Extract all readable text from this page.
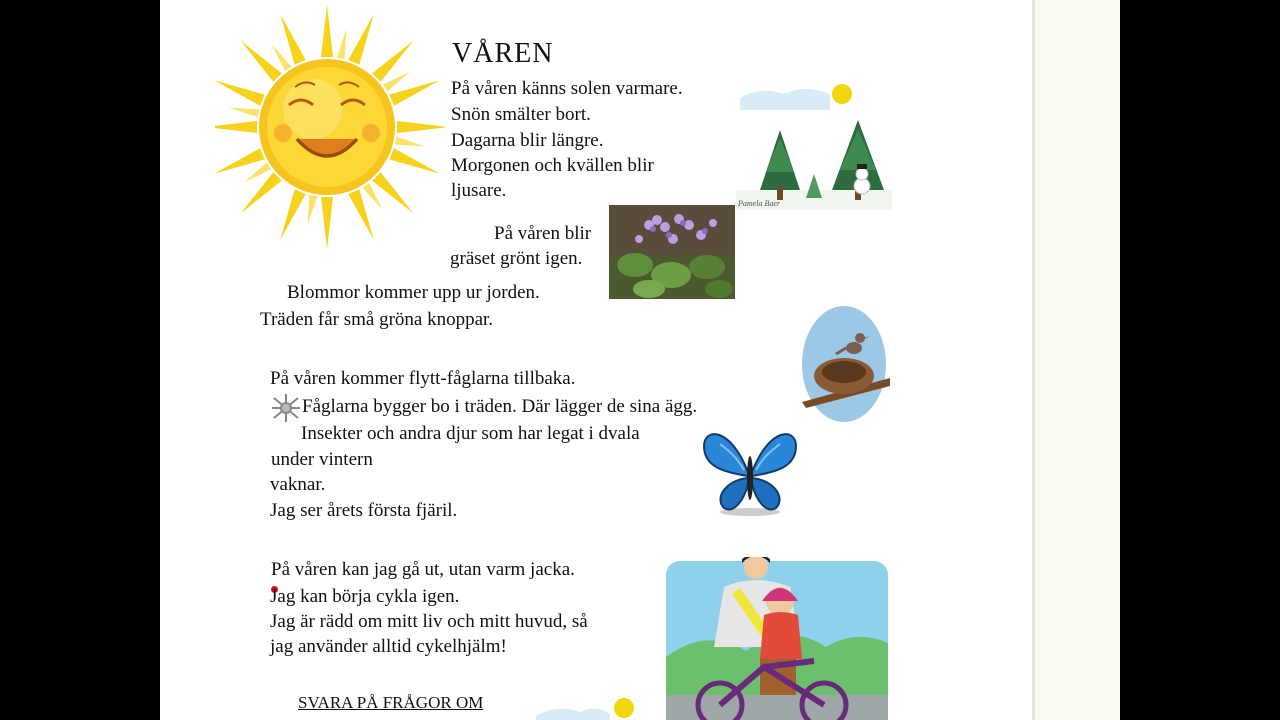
VÅREN
På våren känns solen varmare.
Snön smälter bort.
Dagarna blir längre.
Morgonen och kvällen blir
ljusare.
Pamela Baer
På våren blir
gräset grönt igen.
Blommor kommer upp ur jorden.
Träden får små gröna knoppar.
På våren kommer flytt-fåglarna tillbaka.
Fåglarna bygger bo i träden. Där lägger de sina ägg.
Insekter och andra djur som har legat i dvala
under vintern
vaknar.
Jag ser årets första fjäril.
På våren kan jag gå ut, utan varm jacka.
Jag kan börja cykla igen.
Jag är rädd om mitt liv och mitt huvud, så
jag använder alltid cykelhjälm!
SVARA PÅ FRÅGOR OM
